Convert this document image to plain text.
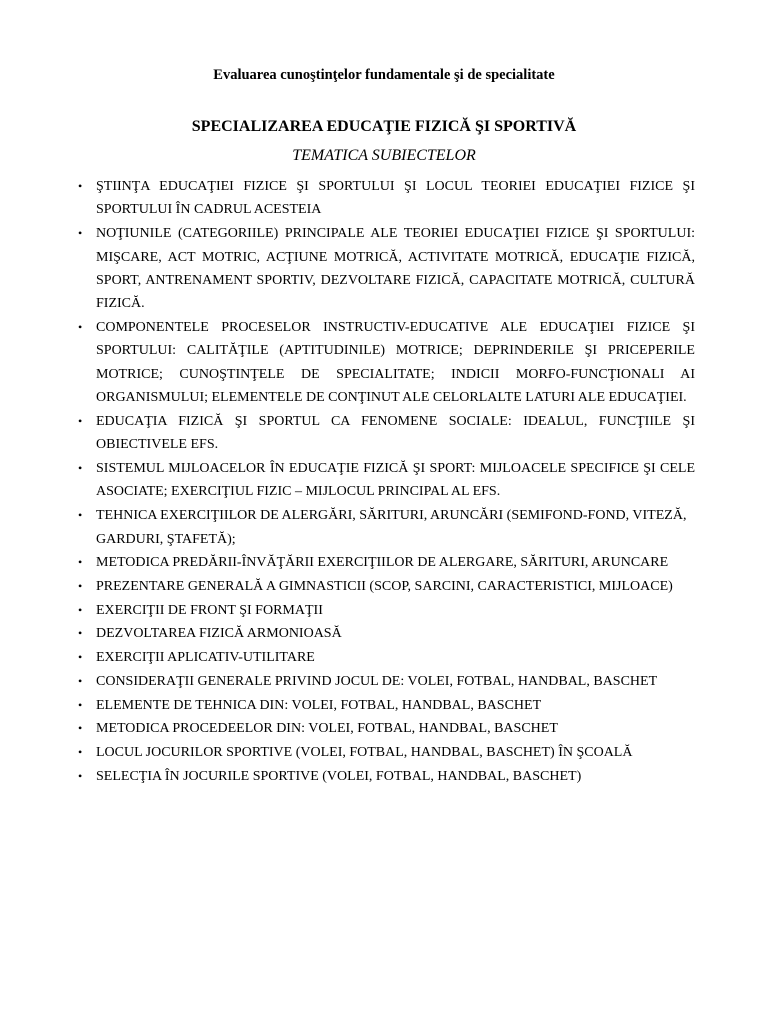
Evaluarea cunoştinţelor fundamentale şi de specialitate
SPECIALIZAREA EDUCAŢIE FIZICĂ ŞI SPORTIVĂ
TEMATICA SUBIECTELOR
• ŞTIINŢA EDUCAŢIEI FIZICE ŞI SPORTULUI ŞI LOCUL TEORIEI EDUCAŢIEI FIZICE ŞI SPORTULUI ÎN CADRUL ACESTEIA
• NOŢIUNILE (CATEGORIILE) PRINCIPALE ALE TEORIEI EDUCAŢIEI FIZICE ŞI SPORTULUI: MIŞCARE, ACT MOTRIC, ACŢIUNE MOTRICĂ, ACTIVITATE MOTRICĂ, EDUCAŢIE FIZICĂ, SPORT, ANTRENAMENT SPORTIV, DEZVOLTARE FIZICĂ, CAPACITATE MOTRICĂ, CULTURĂ FIZICĂ.
• COMPONENTELE PROCESELOR INSTRUCTIV-EDUCATIVE ALE EDUCAŢIEI FIZICE ŞI SPORTULUI: CALITĂŢILE (APTITUDINILE) MOTRICE; DEPRINDERILE ŞI PRICEPERILE MOTRICE; CUNOŞTINŢELE DE SPECIALITATE; INDICII MORFO-FUNCŢIONALI AI ORGANISMULUI; ELEMENTELE DE CONŢINUT ALE CELORLALTE LATURI ALE EDUCAŢIEI.
• EDUCAŢIA FIZICĂ ŞI SPORTUL CA FENOMENE SOCIALE: IDEALUL, FUNCŢIILE ŞI OBIECTIVELE EFS.
• SISTEMUL MIJLOACELOR ÎN EDUCAŢIE FIZICĂ ŞI SPORT: MIJLOACELE SPECIFICE ŞI CELE ASOCIATE; EXERCIŢIUL FIZIC – MIJLOCUL PRINCIPAL AL EFS.
• TEHNICA EXERCIŢIILOR DE ALERGĂRI, SĂRITURI, ARUNCĂRI (SEMIFOND-FOND, VITEZĂ, GARDURI, ŞTAFETĂ);
• METODICA PREDĂRII-ÎNVĂŢĂRII EXERCIŢIILOR DE ALERGARE, SĂRITURI, ARUNCARE
• PREZENTARE GENERALĂ A GIMNASTICII (SCOP, SARCINI, CARACTERISTICI, MIJLOACE)
• EXERCIŢII DE FRONT ŞI FORMAŢII
• DEZVOLTAREA FIZICĂ ARMONIOASĂ
• EXERCIŢII APLICATIV-UTILITARE
• CONSIDERAŢII GENERALE PRIVIND JOCUL DE: VOLEI, FOTBAL, HANDBAL, BASCHET
• ELEMENTE DE TEHNICA DIN: VOLEI, FOTBAL, HANDBAL, BASCHET
• METODICA PROCEDEELOR DIN: VOLEI, FOTBAL, HANDBAL, BASCHET
• LOCUL JOCURILOR SPORTIVE (VOLEI, FOTBAL, HANDBAL, BASCHET) ÎN ŞCOALĂ
• SELECŢIA ÎN JOCURILE SPORTIVE (VOLEI, FOTBAL, HANDBAL, BASCHET)
